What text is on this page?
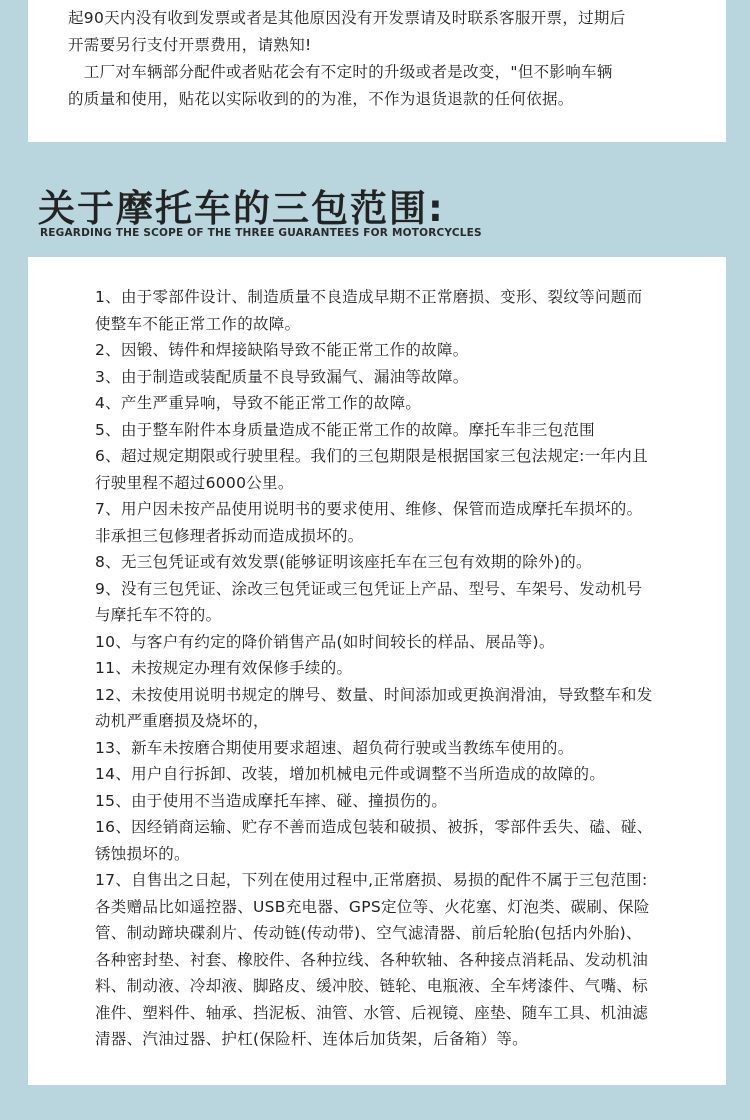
起90天内没有收到发票或者是其他原因没有开发票请及时联系客服开票，过期后

开需要另行支付开票费用，请熟知!

　工厂对车辆部分配件或者贴花会有不定时的升级或者是改变，"但不影响车辆

的质量和使用，贴花以实际收到的的为准，不作为退货退款的任何依据。

关于摩托车的三包范围:
REGARDING THE SCOPE OF THE THREE GUARANTEES FOR MOTORCYCLES

1、由于零部件设计、制造质量不良造成早期不正常磨损、变形、裂纹等问题而

使整车不能正常工作的故障。

2、因锻、铸件和焊接缺陷导致不能正常工作的故障。

3、由于制造或装配质量不良导致漏气、漏油等故障。

4、产生严重异响，导致不能正常工作的故障。

5、由于整车附件本身质量造成不能正常工作的故障。摩托车非三包范围

6、超过规定期限或行驶里程。我们的三包期限是根据国家三包法规定:一年内且

行驶里程不超过6000公里。

7、用户因未按产品使用说明书的要求使用、维修、保管而造成摩托车损坏的。

非承担三包修理者拆动而造成损坏的。

8、无三包凭证或有效发票(能够证明该座托车在三包有效期的除外)的。

9、没有三包凭证、涂改三包凭证或三包凭证上产品、型号、车架号、发动机号

与摩托车不符的。

10、与客户有约定的降价销售产品(如时间较长的样品、展品等)。

11、未按规定办理有效保修手续的。

12、未按使用说明书规定的牌号、数量、时间添加或更换润滑油，导致整车和发

动机严重磨损及烧坏的，

13、新车未按磨合期使用要求超速、超负荷行驶或当教练车使用的。

14、用户自行拆卸、改装，增加机械电元件或调整不当所造成的故障的。

15、由于使用不当造成摩托车摔、碰、撞损伤的。

16、因经销商运输、贮存不善而造成包装和破损、被拆，零部件丢失、磕、碰、

锈蚀损坏的。

17、自售出之日起，下列在使用过程中,正常磨损、易损的配件不属于三包范围:

各类赠品比如遥控器、USB充电器、GPS定位等、火花塞、灯泡类、碳刷、保险

管、制动蹄块碟刹片、传动链(传动带)、空气滤清器、前后轮胎(包括内外胎)、

各种密封垫、衬套、橡胶件、各种拉线、各种软轴、各种接点消耗品、发动机油

料、制动液、冷却液、脚路皮、缓冲胶、链轮、电瓶液、全车烤漆件、气嘴、标

准件、塑料件、轴承、挡泥板、油管、水管、后视镜、座垫、随车工具、机油滤

清器、汽油过器、护杠(保险杆、连体后加货架，后备箱）等。
